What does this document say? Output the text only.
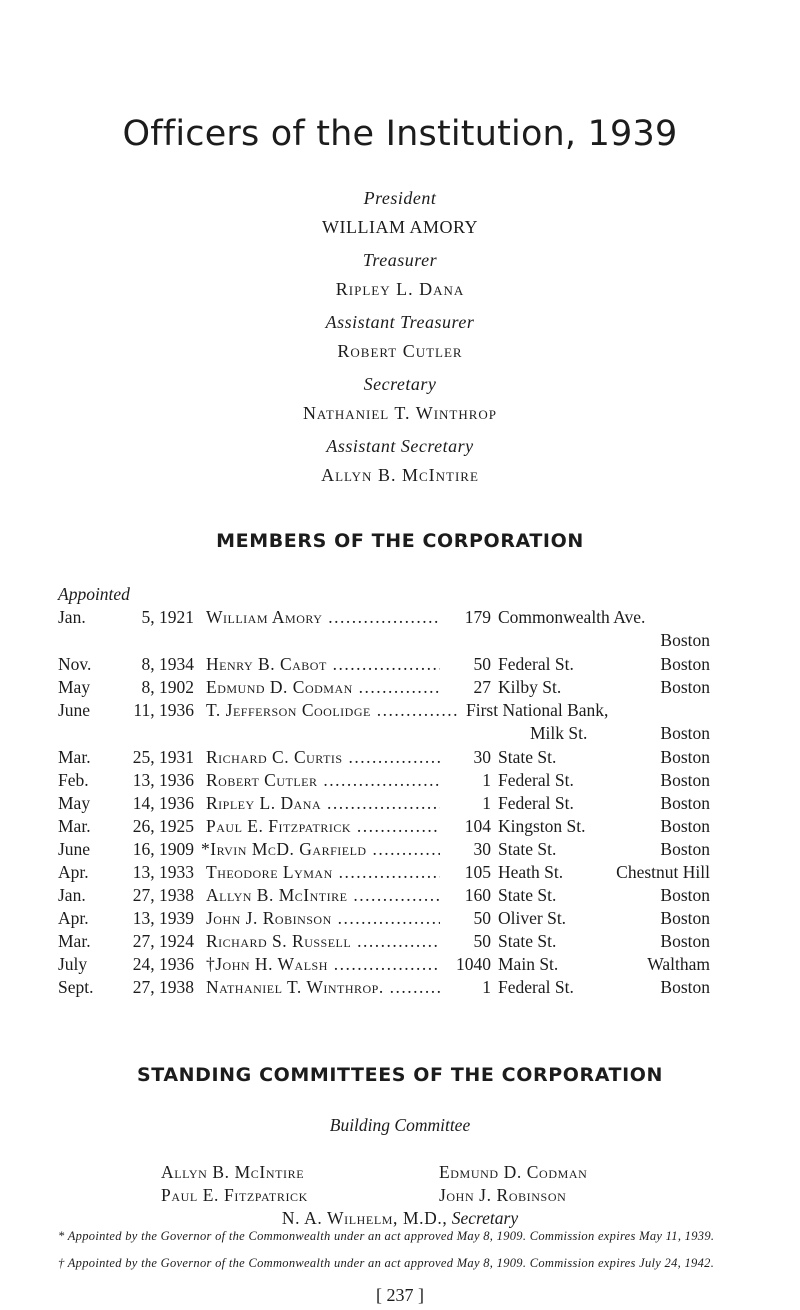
Officers of the Institution, 1939
President
WILLIAM AMORY
Treasurer
Ripley L. Dana
Assistant Treasurer
Robert Cutler
Secretary
Nathaniel T. Winthrop
Assistant Secretary
Allyn B. McIntire
MEMBERS OF THE CORPORATION
Appointed
Jan.	5, 1921 William Amory .....	179 Commonwealth Ave.
Boston
Nov.	8, 1934 Henry B. Cabot .....	50 Federal St.	Boston
May	8, 1902 Edmund D. Codman .....	27 Kilby St.	Boston
June	11, 1936 T. Jefferson Coolidge .....	First National Bank,
Milk St.	Boston
Mar.	25, 1931 Richard C. Curtis .....	30 State St.	Boston
Feb.	13, 1936 Robert Cutler .....	1 Federal St.	Boston
May	14, 1936 Ripley L. Dana .....	1 Federal St.	Boston
Mar.	26, 1925 Paul E. Fitzpatrick .....	104 Kingston St.	Boston
June	16, 1909 *Irvin McD. Garfield .....	30 State St.	Boston
Apr.	13, 1933 Theodore Lyman .....	105 Heath St.	Chestnut Hill
Jan.	27, 1938 Allyn B. McIntire .....	160 State St.	Boston
Apr.	13, 1939 John J. Robinson .....	50 Oliver St.	Boston
Mar.	27, 1924 Richard S. Russell .....	50 State St.	Boston
July	24, 1936 †John H. Walsh .....	1040 Main St.	Waltham
Sept.	27, 1938 Nathaniel T. Winthrop. .....	1 Federal St.	Boston
STANDING COMMITTEES OF THE CORPORATION
Building Committee
Allyn B. McIntire	Edmund D. Codman
Paul E. Fitzpatrick	John J. Robinson
N. A. Wilhelm, M.D., Secretary
* Appointed by the Governor of the Commonwealth under an act approved May 8, 1909. Commission expires May 11, 1939.
† Appointed by the Governor of the Commonwealth under an act approved May 8, 1909. Commission expires July 24, 1942.
[ 237 ]
